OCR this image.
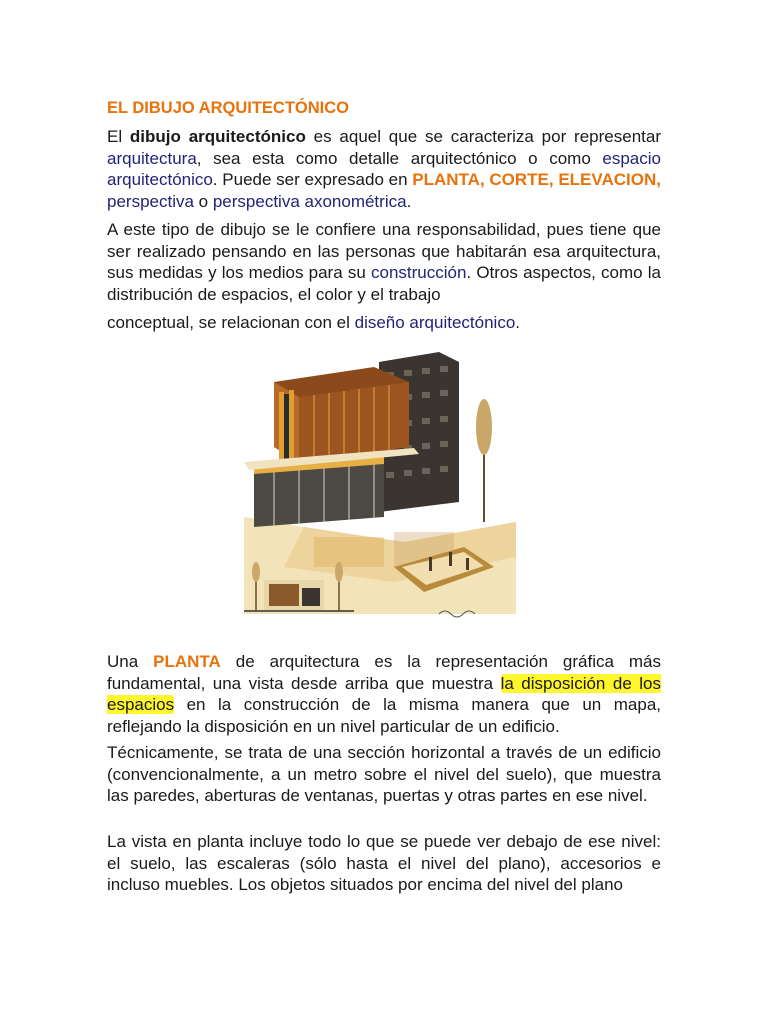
EL DIBUJO ARQUITECTÓNICO

El dibujo arquitectónico es aquel que se caracteriza por representar arquitectura, sea esta como detalle arquitectónico o como espacio arquitectónico. Puede ser expresado en PLANTA, CORTE, ELEVACION, perspectiva o perspectiva axonométrica.

A este tipo de dibujo se le confiere una responsabilidad, pues tiene que ser realizado pensando en las personas que habitarán esa arquitectura, sus medidas y los medios para su construcción. Otros aspectos, como la distribución de espacios, el color y el trabajo

conceptual, se relacionan con el diseño arquitectónico.

Una PLANTA de arquitectura es la representación gráfica más fundamental, una vista desde arriba que muestra la disposición de los espacios en la construcción de la misma manera que un mapa, reflejando la disposición en un nivel particular de un edificio.

Técnicamente, se trata de una sección horizontal a través de un edificio (convencionalmente, a un metro sobre el nivel del suelo), que muestra las paredes, aberturas de ventanas, puertas y otras partes en ese nivel.

La vista en planta incluye todo lo que se puede ver debajo de ese nivel: el suelo, las escaleras (sólo hasta el nivel del plano), accesorios e incluso muebles. Los objetos situados por encima del nivel del plano
